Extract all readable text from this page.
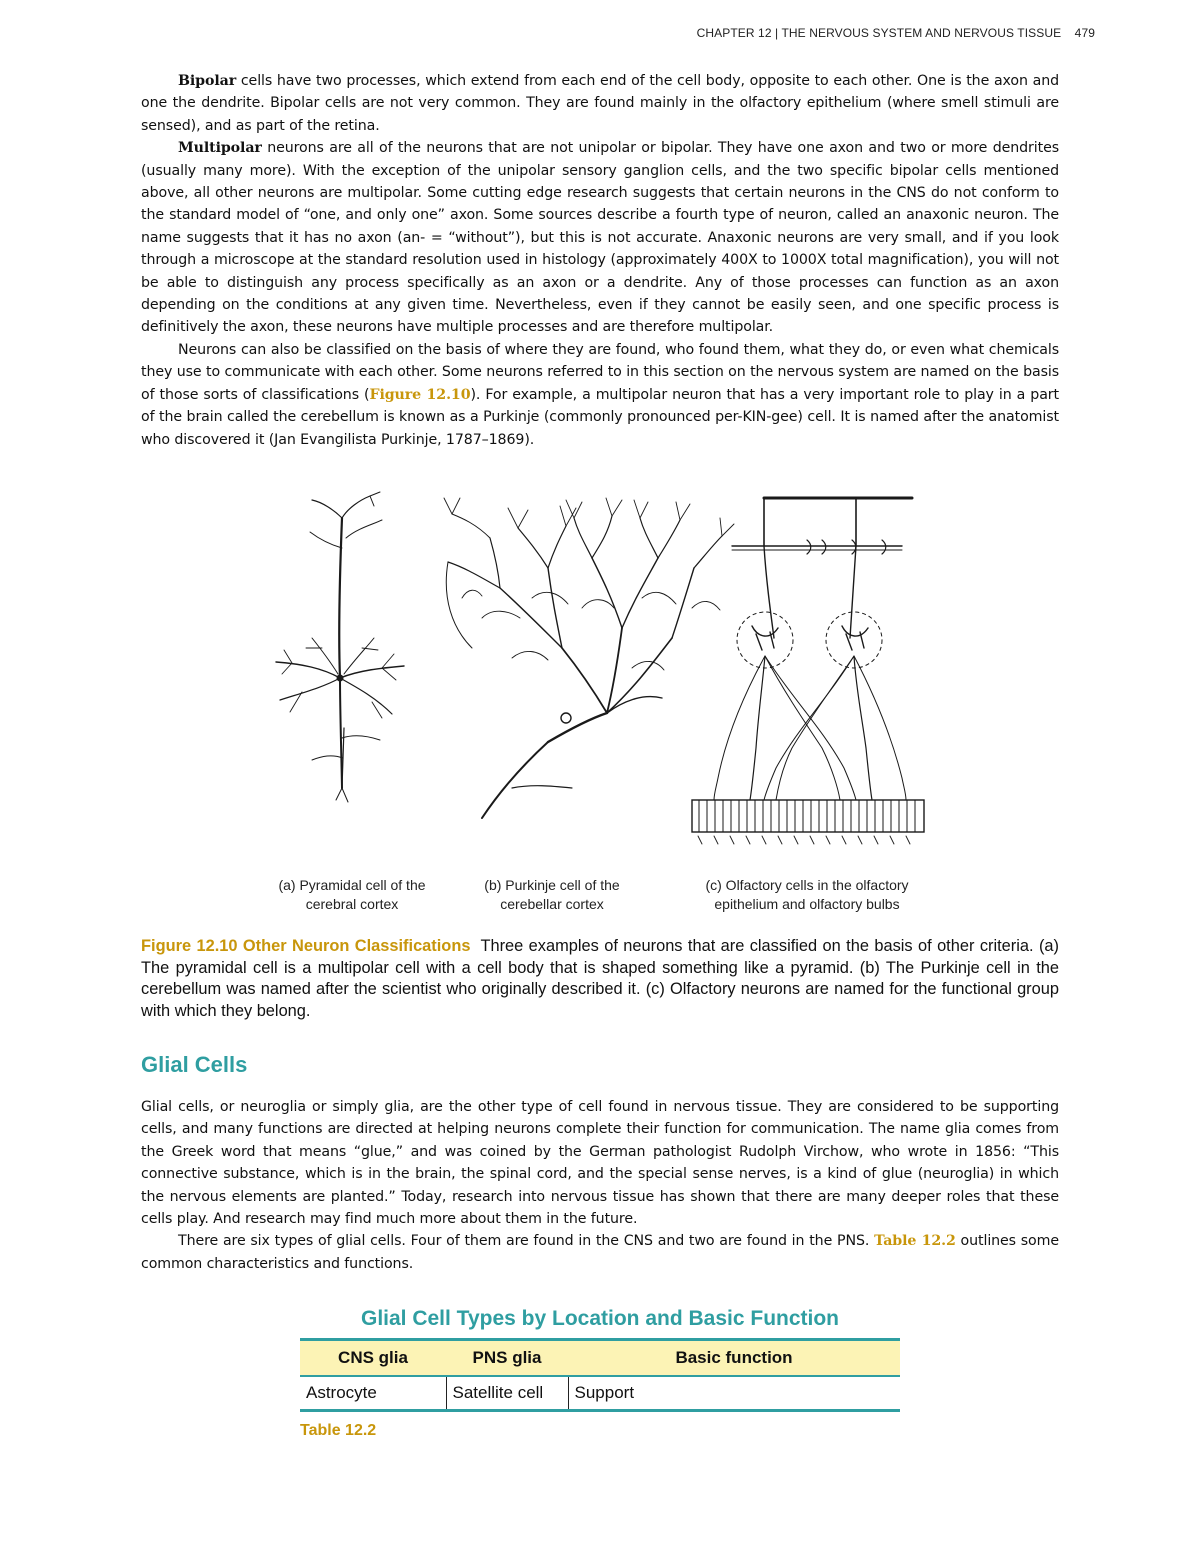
CHAPTER 12 | THE NERVOUS SYSTEM AND NERVOUS TISSUE 479

Bipolar cells have two processes, which extend from each end of the cell body, opposite to each other. One is the axon and one the dendrite. Bipolar cells are not very common. They are found mainly in the olfactory epithelium (where smell stimuli are sensed), and as part of the retina.

Multipolar neurons are all of the neurons that are not unipolar or bipolar. They have one axon and two or more dendrites (usually many more). With the exception of the unipolar sensory ganglion cells, and the two specific bipolar cells mentioned above, all other neurons are multipolar. Some cutting edge research suggests that certain neurons in the CNS do not conform to the standard model of “one, and only one” axon. Some sources describe a fourth type of neuron, called an anaxonic neuron. The name suggests that it has no axon (an- = “without”), but this is not accurate. Anaxonic neurons are very small, and if you look through a microscope at the standard resolution used in histology (approximately 400X to 1000X total magnification), you will not be able to distinguish any process specifically as an axon or a dendrite. Any of those processes can function as an axon depending on the conditions at any given time. Nevertheless, even if they cannot be easily seen, and one specific process is definitively the axon, these neurons have multiple processes and are therefore multipolar.

Neurons can also be classified on the basis of where they are found, who found them, what they do, or even what chemicals they use to communicate with each other. Some neurons referred to in this section on the nervous system are named on the basis of those sorts of classifications (Figure 12.10). For example, a multipolar neuron that has a very important role to play in a part of the brain called the cerebellum is known as a Purkinje (commonly pronounced per-KIN-gee) cell. It is named after the anatomist who discovered it (Jan Evangilista Purkinje, 1787–1869).

(a) Pyramidal cell of the
cerebral cortex
(b) Purkinje cell of the
cerebellar cortex
(c) Olfactory cells in the olfactory
epithelium and olfactory bulbs
Figure 12.10 Other Neuron Classifications Three examples of neurons that are classified on the basis of other criteria. (a) The pyramidal cell is a multipolar cell with a cell body that is shaped something like a pyramid. (b) The Purkinje cell in the cerebellum was named after the scientist who originally described it. (c) Olfactory neurons are named for the functional group with which they belong.
Glial Cells

Glial cells, or neuroglia or simply glia, are the other type of cell found in nervous tissue. They are considered to be supporting cells, and many functions are directed at helping neurons complete their function for communication. The name glia comes from the Greek word that means “glue,” and was coined by the German pathologist Rudolph Virchow, who wrote in 1856: “This connective substance, which is in the brain, the spinal cord, and the special sense nerves, is a kind of glue (neuroglia) in which the nervous elements are planted.” Today, research into nervous tissue has shown that there are many deeper roles that these cells play. And research may find much more about them in the future.

There are six types of glial cells. Four of them are found in the CNS and two are found in the PNS. Table 12.2 outlines some common characteristics and functions.

Glial Cell Types by Location and Basic Function
CNS glia	PNS glia	Basic function
Astrocyte	Satellite cell	Support
Table 12.2
